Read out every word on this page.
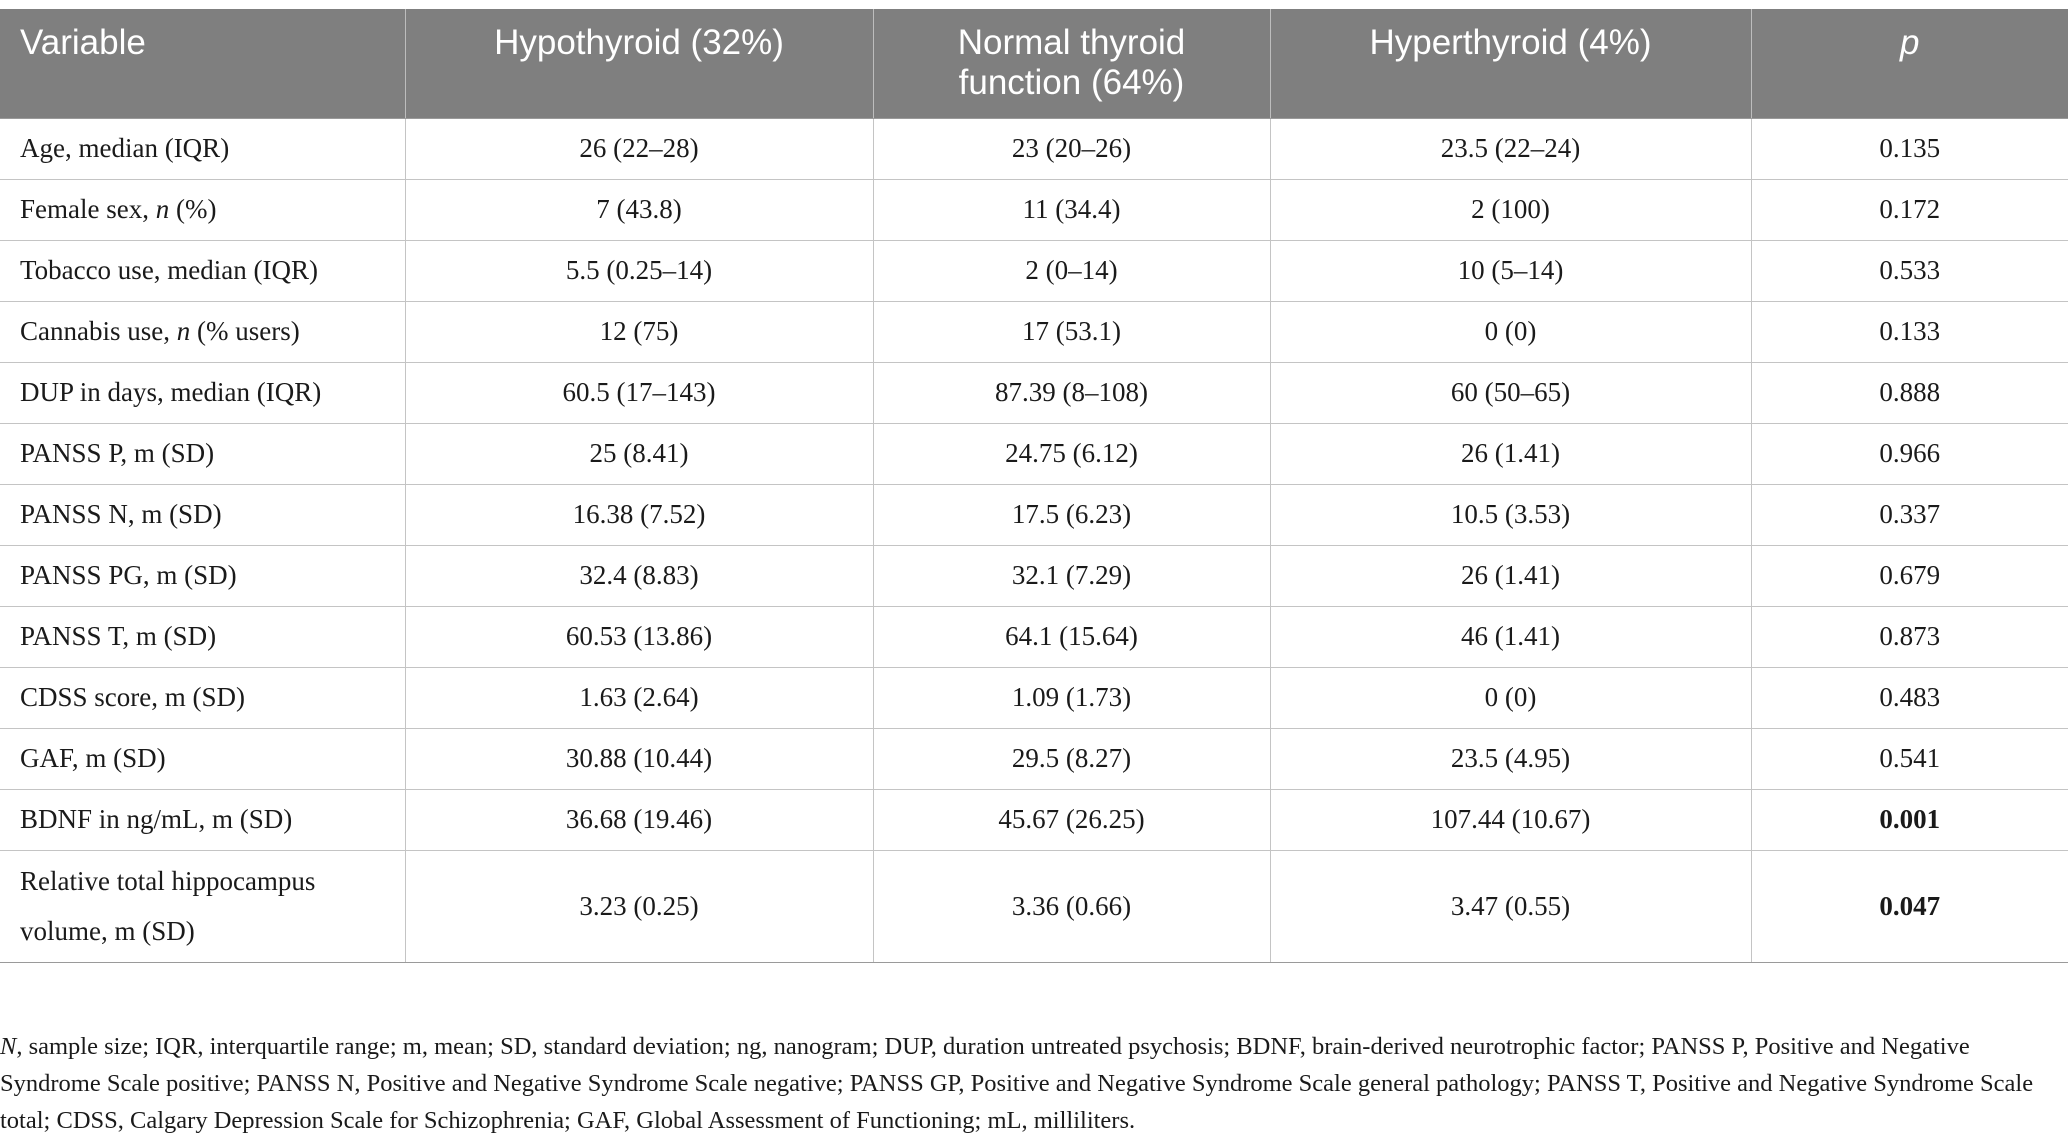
Variable	Hypothyroid (32%)	Normal thyroid function (64%)	Hyperthyroid (4%)	p
Age, median (IQR)	26 (22–28)	23 (20–26)	23.5 (22–24)	0.135
Female sex, n (%)	7 (43.8)	11 (34.4)	2 (100)	0.172
Tobacco use, median (IQR)	5.5 (0.25–14)	2 (0–14)	10 (5–14)	0.533
Cannabis use, n (% users)	12 (75)	17 (53.1)	0 (0)	0.133
DUP in days, median (IQR)	60.5 (17–143)	87.39 (8–108)	60 (50–65)	0.888
PANSS P, m (SD)	25 (8.41)	24.75 (6.12)	26 (1.41)	0.966
PANSS N, m (SD)	16.38 (7.52)	17.5 (6.23)	10.5 (3.53)	0.337
PANSS PG, m (SD)	32.4 (8.83)	32.1 (7.29)	26 (1.41)	0.679
PANSS T, m (SD)	60.53 (13.86)	64.1 (15.64)	46 (1.41)	0.873
CDSS score, m (SD)	1.63 (2.64)	1.09 (1.73)	0 (0)	0.483
GAF, m (SD)	30.88 (10.44)	29.5 (8.27)	23.5 (4.95)	0.541
BDNF in ng/mL, m (SD)	36.68 (19.46)	45.67 (26.25)	107.44 (10.67)	0.001
Relative total hippocampus volume, m (SD)	3.23 (0.25)	3.36 (0.66)	3.47 (0.55)	0.047
N, sample size; IQR, interquartile range; m, mean; SD, standard deviation; ng, nanogram; DUP, duration untreated psychosis; BDNF, brain-derived neurotrophic factor; PANSS P, Positive and Negative Syndrome Scale positive; PANSS N, Positive and Negative Syndrome Scale negative; PANSS GP, Positive and Negative Syndrome Scale general pathology; PANSS T, Positive and Negative Syndrome Scale total; CDSS, Calgary Depression Scale for Schizophrenia; GAF, Global Assessment of Functioning; mL, milliliters.
